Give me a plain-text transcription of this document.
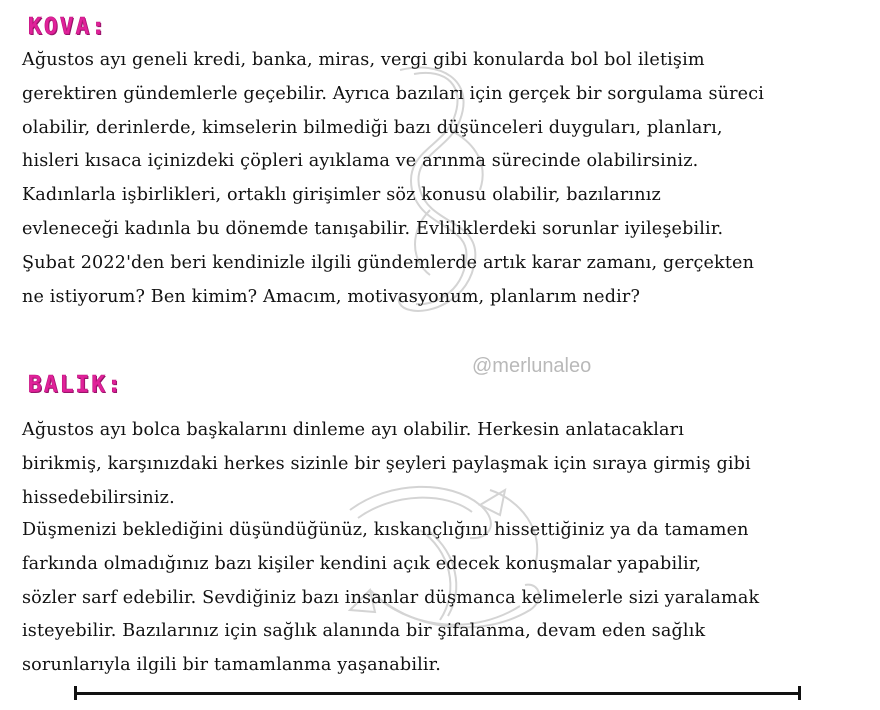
KOVA:

Ağustos ayı geneli kredi, banka, miras, vergi gibi konularda bol bol iletişim
gerektiren gündemlerle geçebilir. Ayrıca bazıları için gerçek bir sorgulama süreci
olabilir, derinlerde, kimselerin bilmediği bazı düşünceleri duyguları, planları,
hisleri kısaca içinizdeki çöpleri ayıklama ve arınma sürecinde olabilirsiniz.
Kadınlarla işbirlikleri, ortaklı girişimler söz konusu olabilir, bazılarınız
evleneceği kadınla bu dönemde tanışabilir. Evliliklerdeki sorunlar iyileşebilir.
Şubat 2022'den beri kendinizle ilgili gündemlerde artık karar zamanı, gerçekten
ne istiyorum? Ben kimim? Amacım, motivasyonum, planlarım nedir?

@merlunaleo
BALIK:

Ağustos ayı bolca başkalarını dinleme ayı olabilir. Herkesin anlatacakları
birikmiş, karşınızdaki herkes sizinle bir şeyleri paylaşmak için sıraya girmiş gibi
hissedebilirsiniz.

Düşmenizi beklediğini düşündüğünüz, kıskançlığını hissettiğiniz ya da tamamen
farkında olmadığınız bazı kişiler kendini açık edecek konuşmalar yapabilir,
sözler sarf edebilir. Sevdiğiniz bazı insanlar düşmanca kelimelerle sizi yaralamak
isteyebilir. Bazılarınız için sağlık alanında bir şifalanma, devam eden sağlık
sorunlarıyla ilgili bir tamamlanma yaşanabilir.
